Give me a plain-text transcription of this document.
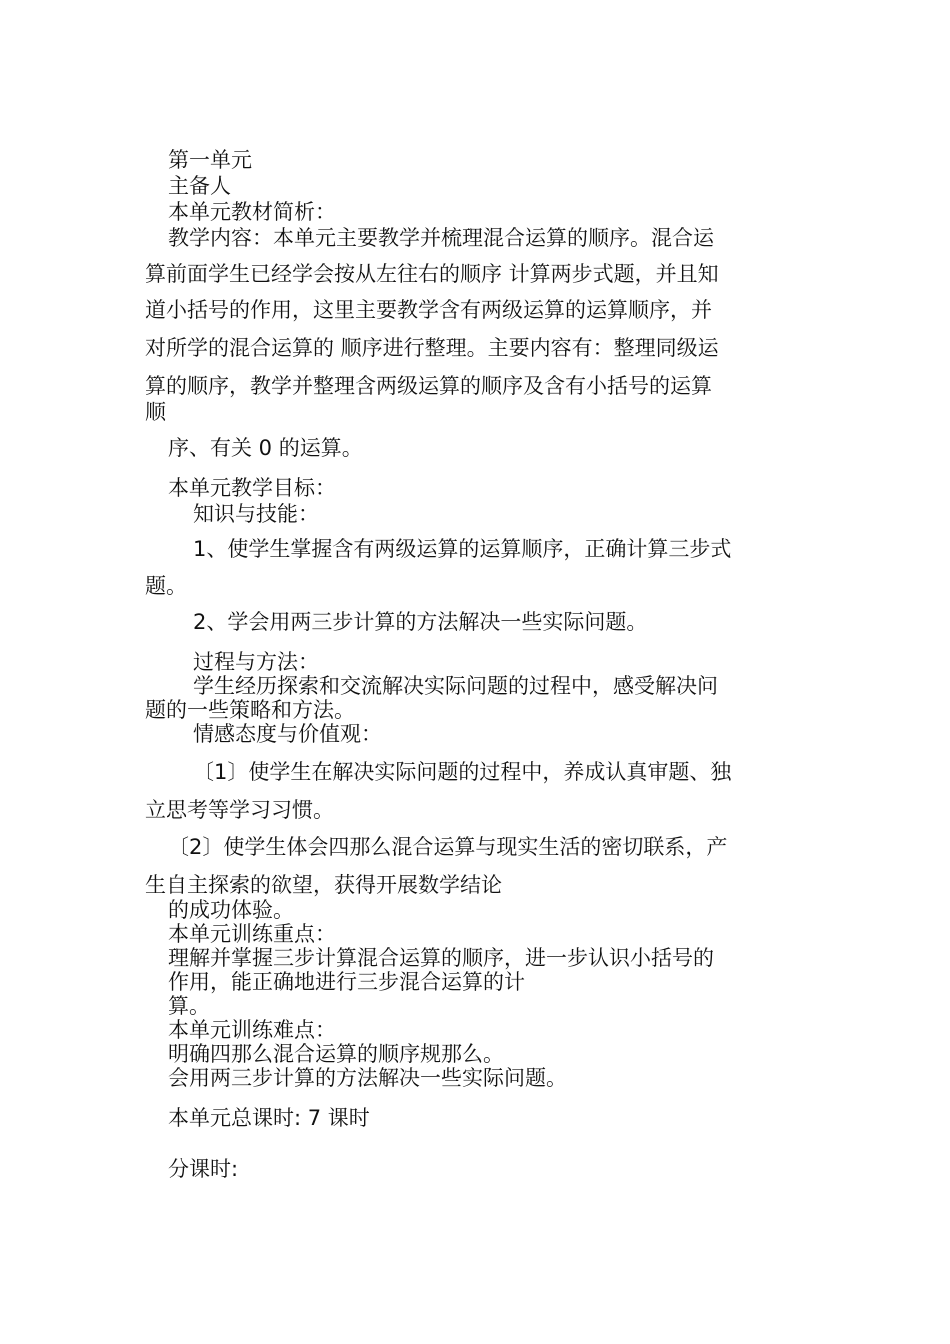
第一单元
主备人
本单元教材简析：
教学内容：本单元主要教学并梳理混合运算的顺序。混合运
算前面学生已经学会按从左往右的顺序 计算两步式题，并且知
道小括号的作用，这里主要教学含有两级运算的运算顺序，并
对所学的混合运算的 顺序进行整理。主要内容有：整理同级运
算的顺序，教学并整理含两级运算的顺序及含有小括号的运算
顺
序、有关 0 的运算。
本单元教学目标：
知识与技能：
1、使学生掌握含有两级运算的运算顺序，正确计算三步式
题。
2、学会用两三步计算的方法解决一些实际问题。
过程与方法：
学生经历探索和交流解决实际问题的过程中，感受解决问
题的一些策略和方法。
情感态度与价值观：
〔1〕使学生在解决实际问题的过程中，养成认真审题、独
立思考等学习习惯。
〔2〕使学生体会四那么混合运算与现实生活的密切联系，产
生自主探索的欲望，获得开展数学结论
的成功体验。
本单元训练重点：
理解并掌握三步计算混合运算的顺序，进一步认识小括号的
作用，能正确地进行三步混合运算的计
算。
本单元训练难点：
明确四那么混合运算的顺序规那么。
会用两三步计算的方法解决一些实际问题。
本单元总课时: 7 课时
分课时:
